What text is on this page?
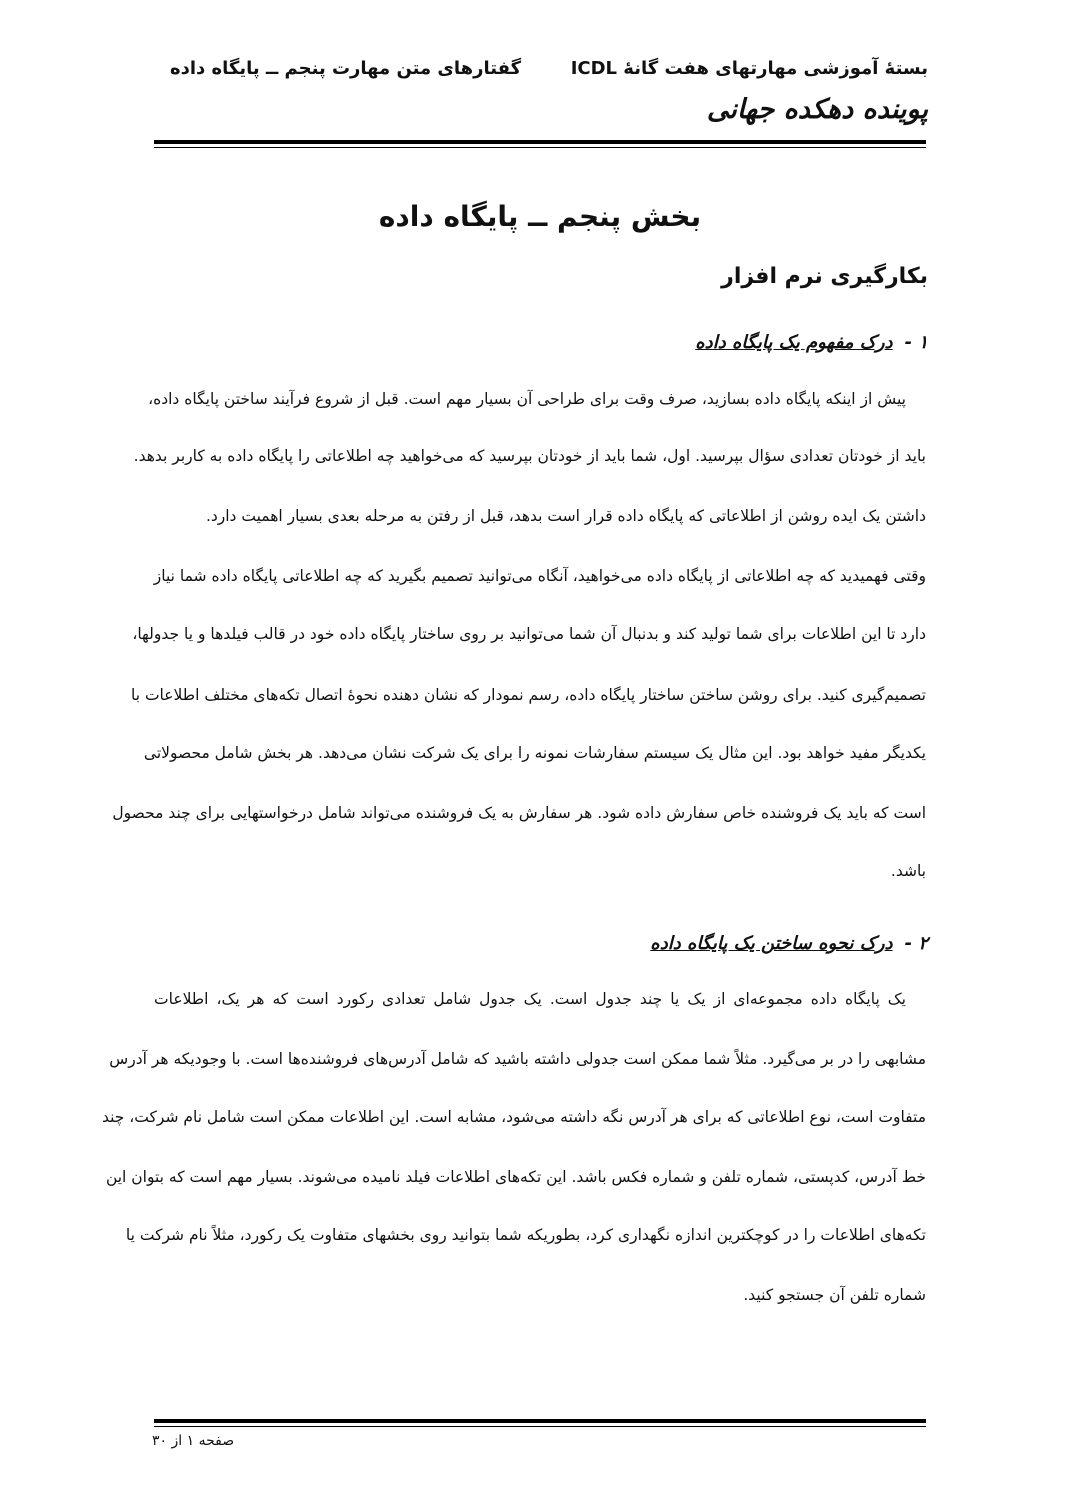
بستهٔ آموزشی مهارتهای هفت گانهٔ ICDL
گفتارهای متن مهارت پنجم ــ پایگاه داده
پوینده دهکده جهانی
بخش پنجم ــ پایگاه داده
بکارگیری نرم افزار
۱ -درک مفهوم یک پایگاه داده
پیش از اینکه پایگاه داده بسازید، صرف وقت برای طراحی آن بسیار مهم است. قبل از شروع فرآیند ساختن پایگاه داده،
باید از خودتان تعدادی سؤال بپرسید. اول، شما باید از خودتان بپرسید که می‌خواهید چه اطلاعاتی را پایگاه داده به کاربر بدهد.
داشتن یک ایده روشن از اطلاعاتی که پایگاه داده قرار است بدهد، قبل از رفتن به مرحله بعدی بسیار اهمیت دارد.
وقتی فهمیدید که چه اطلاعاتی از پایگاه داده می‌خواهید، آنگاه می‌توانید تصمیم بگیرید که چه اطلاعاتی پایگاه داده شما نیاز
دارد تا این اطلاعات برای شما تولید کند و بدنبال آن شما می‌توانید بر روی ساختار پایگاه داده خود در قالب فیلدها و یا جدولها،
تصمیم‌گیری کنید. برای روشن ساختن ساختار پایگاه داده، رسم نمودار که نشان دهنده نحوهٔ اتصال تکه‌های مختلف اطلاعات با
یکدیگر مفید خواهد بود. این مثال یک سیستم سفارشات نمونه را برای یک شرکت نشان می‌دهد. هر بخش شامل محصولاتی
است که باید یک فروشنده خاص سفارش داده شود. هر سفارش به یک فروشنده می‌تواند شامل درخواستهایی برای چند محصول
باشد.
۲ -درک نحوه ساختن یک پایگاه داده
یک پایگاه داده مجموعه‌ای از یک یا چند جدول است. یک جدول شامل تعدادی رکورد است که هر یک، اطلاعات
مشابهی را در بر می‌گیرد. مثلاً شما ممکن است جدولی داشته باشید که شامل آدرس‌های فروشنده‌ها است. با وجودیکه هر آدرس
متفاوت است، نوع اطلاعاتی که برای هر آدرس نگه داشته می‌شود، مشابه است. این اطلاعات ممکن است شامل نام شرکت، چند
خط آدرس، کدپستی، شماره تلفن و شماره فکس باشد. این تکه‌های اطلاعات فیلد نامیده می‌شوند. بسیار مهم است که بتوان این
تکه‌های اطلاعات را در کوچکترین اندازه نگهداری کرد، بطوریکه شما بتوانید روی بخشهای متفاوت یک رکورد، مثلاً نام شرکت یا
شماره تلفن آن جستجو کنید.
صفحه ۱ از ۳۰
